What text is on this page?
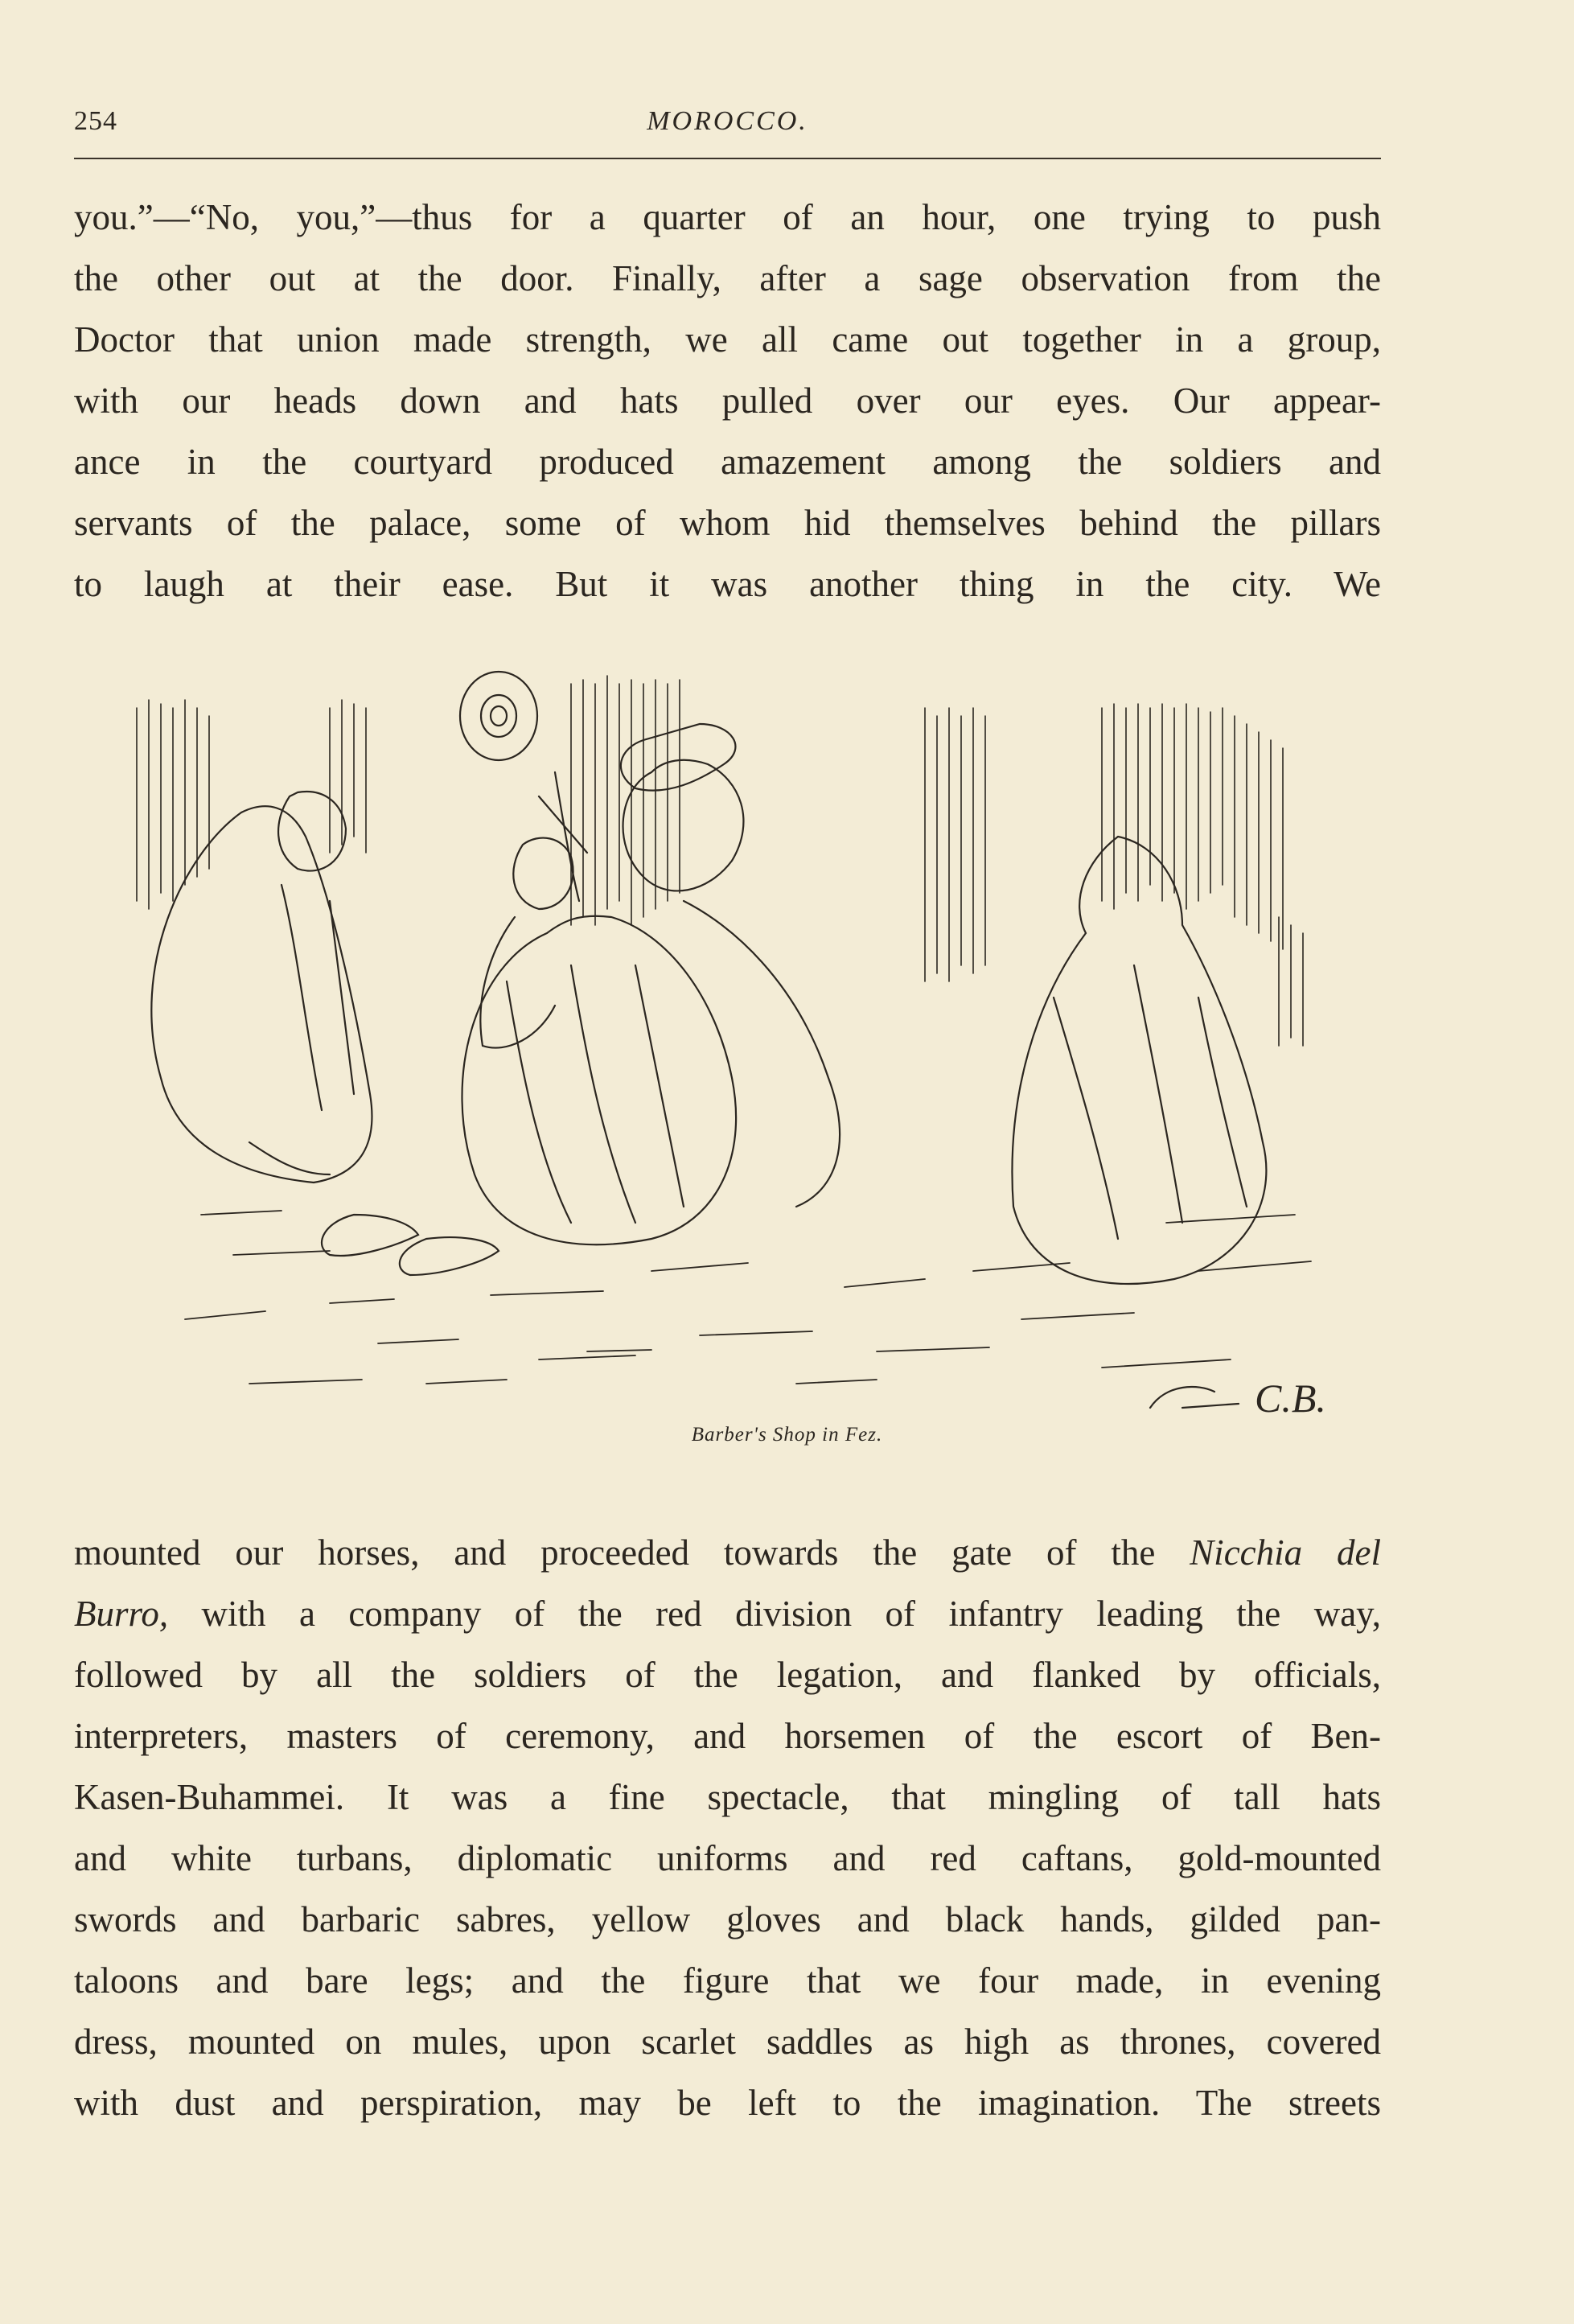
254	MOROCCO.
you.”—“No, you,”—thus for a quarter of an hour, one trying to push
the other out at the door. Finally, after a sage observation from the
Doctor that union made strength, we all came out together in a group,
with our heads down and hats pulled over our eyes. Our appear-
ance in the courtyard produced amazement among the soldiers and
servants of the palace, some of whom hid themselves behind the pillars
to laugh at their ease. But it was another thing in the city. We
C.B.
Barber's Shop in Fez.
mounted our horses, and proceeded towards the gate of the Nicchia del
Burro, with a company of the red division of infantry leading the way,
followed by all the soldiers of the legation, and flanked by officials,
interpreters, masters of ceremony, and horsemen of the escort of Ben-
Kasen-Buhammei. It was a fine spectacle, that mingling of tall hats
and white turbans, diplomatic uniforms and red caftans, gold-mounted
swords and barbaric sabres, yellow gloves and black hands, gilded pan-
taloons and bare legs; and the figure that we four made, in evening
dress, mounted on mules, upon scarlet saddles as high as thrones, covered
with dust and perspiration, may be left to the imagination. The streets
